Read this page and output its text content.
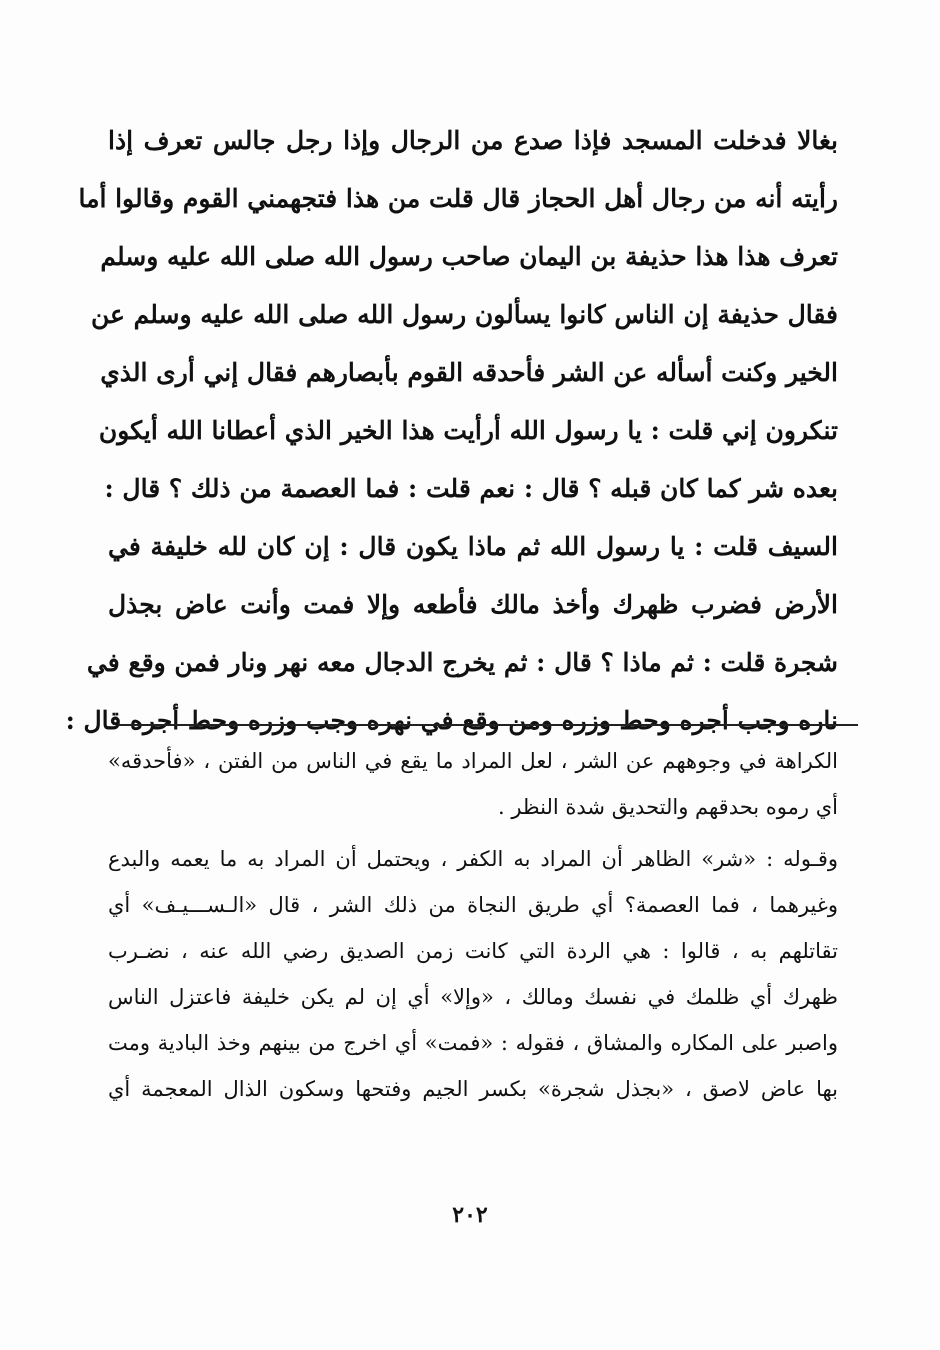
بغالا فدخلت المسجد فإذا صدع من الرجال وإذا رجل جالس تعرف إذا
رأيته أنه من رجال أهل الحجاز قال قلت من هذا فتجهمني القوم وقالوا أما
تعرف هذا هذا حذيفة بن اليمان صاحب رسول الله صلى الله عليه وسلم
فقال حذيفة إن الناس كانوا يسألون رسول الله صلى الله عليه وسلم عن
الخير وكنت أسأله عن الشر فأحدقه القوم بأبصارهم فقال إني أرى الذي
تنكرون إني قلت : يا رسول الله أرأيت هذا الخير الذي أعطانا الله أيكون
بعده شر كما كان قبله ؟ قال : نعم قلت : فما العصمة من ذلك ؟ قال :
السيف قلت : يا رسول الله ثم ماذا يكون قال : إن كان لله خليفة في
الأرض فضرب ظهرك وأخذ مالك فأطعه وإلا فمت وأنت عاض بجذل
شجرة قلت : ثم ماذا ؟ قال : ثم يخرج الدجال معه نهر ونار فمن وقع في
ناره وجب أجره وحط وزره ومن وقع في نهره وجب وزره وحط أجره قال :
الكراهة في وجوههم عن الشر ، لعل المراد ما يقع في الناس من الفتن ، «فأحدقه»
أي رموه بحدقهم والتحديق شدة النظر .
وقـوله : «شر» الظاهر أن المراد به الكفر ، ويحتمل أن المراد به ما يعمه والبدع
وغيرهما ، فما العصمة؟ أي طريق النجاة من ذلك الشر ، قال «الـســـيـف» أي
تقاتلهم به ، قالوا : هي الردة التي كانت زمن الصديق رضي الله عنه ، نضـرب
ظهرك أي ظلمك في نفسك ومالك ، «وإلا» أي إن لم يكن خليفة فاعتزل الناس
واصبر على المكاره والمشاق ، فقوله : «فمت» أي اخرج من بينهم وخذ البادية ومت
بها عاض لاصق ، «بجذل شجرة» بكسر الجيم وفتحها وسكون الذال المعجمة أي
٢٠٢
